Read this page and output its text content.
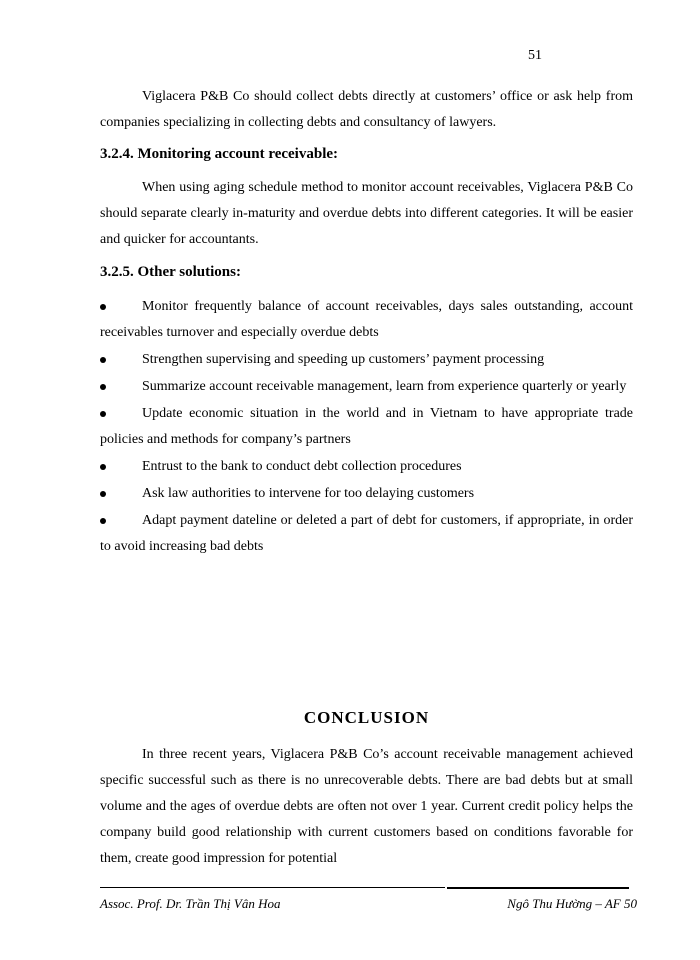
51

Viglacera P&B Co should collect debts directly at customers’ office or ask help from companies specializing in collecting debts and consultancy of lawyers.

3.2.4. Monitoring account receivable:

When using aging schedule method to monitor account receivables, Viglacera P&B Co should separate clearly in-maturity and overdue debts into different categories. It will be easier and quicker for accountants.

3.2.5. Other solutions:
Monitor frequently balance of account receivables, days sales outstanding, account receivables turnover and especially overdue debts
Strengthen supervising and speeding up customers’ payment processing
Summarize account receivable management, learn from experience quarterly or yearly
Update economic situation in the world and in Vietnam to have appropriate trade policies and methods for company’s partners
Entrust to the bank to conduct debt collection procedures
Ask law authorities to intervene for too delaying customers
Adapt payment dateline or deleted a part of debt for customers, if appropriate, in order to avoid increasing bad debts
CONCLUSION

In three recent years, Viglacera P&B Co’s account receivable management achieved specific successful such as there is no unrecoverable debts. There are bad debts but at small volume and the ages of overdue debts are often not over 1 year. Current credit policy helps the company build good relationship with current customers based on conditions favorable for them, create good impression for potential

Assoc. Prof. Dr. Trần Thị Vân Hoa	Ngô Thu Hường – AF 50
